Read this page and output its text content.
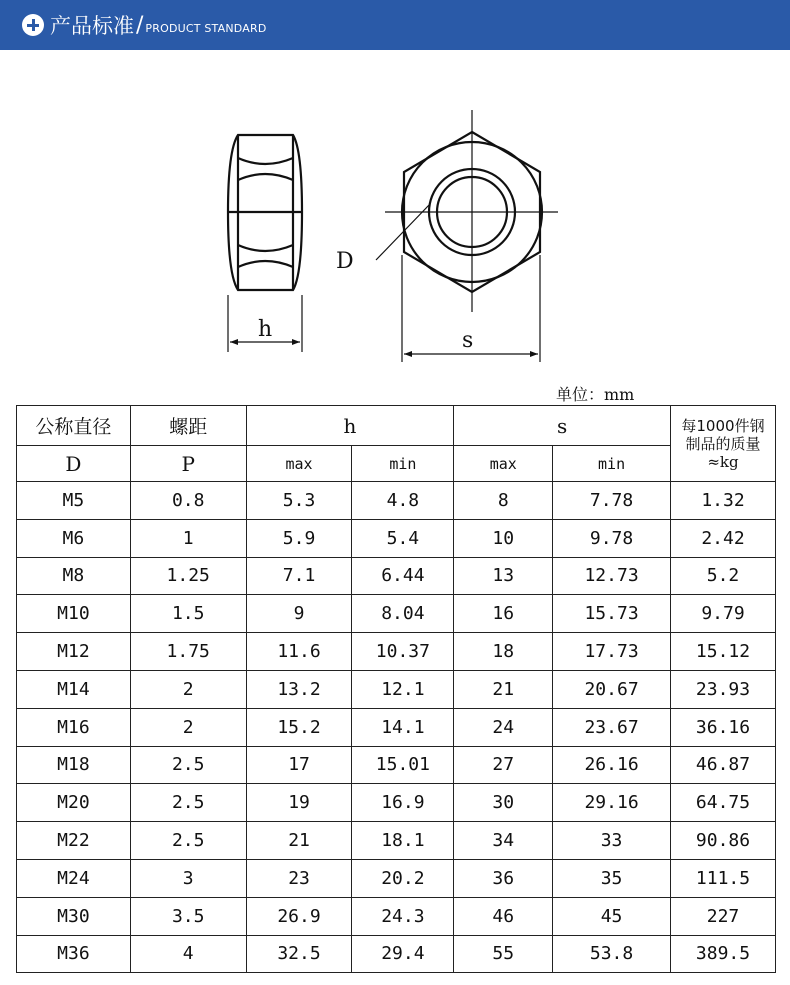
产品标准 / PRODUCT STANDARD
h	s
D
单位：mm
公称直径	螺距	h		s		每1000件钢制品的质量
≈kg

D	P	max	min	max	min	
M5	0.8	5.3	4.8	8	7.78	1.32
M6	1	5.9	5.4	10	9.78	2.42
M8	1.25	7.1	6.44	13	12.73	5.2
M10	1.5	9	8.04	16	15.73	9.79
M12	1.75	11.6	10.37	18	17.73	15.12
M14	2	13.2	12.1	21	20.67	23.93
M16	2	15.2	14.1	24	23.67	36.16
M18	2.5	17	15.01	27	26.16	46.87
M20	2.5	19	16.9	30	29.16	64.75
M22	2.5	21	18.1	34	33	90.86
M24	3	23	20.2	36	35	111.5
M30	3.5	26.9	24.3	46	45	227
M36	4	32.5	29.4	55	53.8	389.5
